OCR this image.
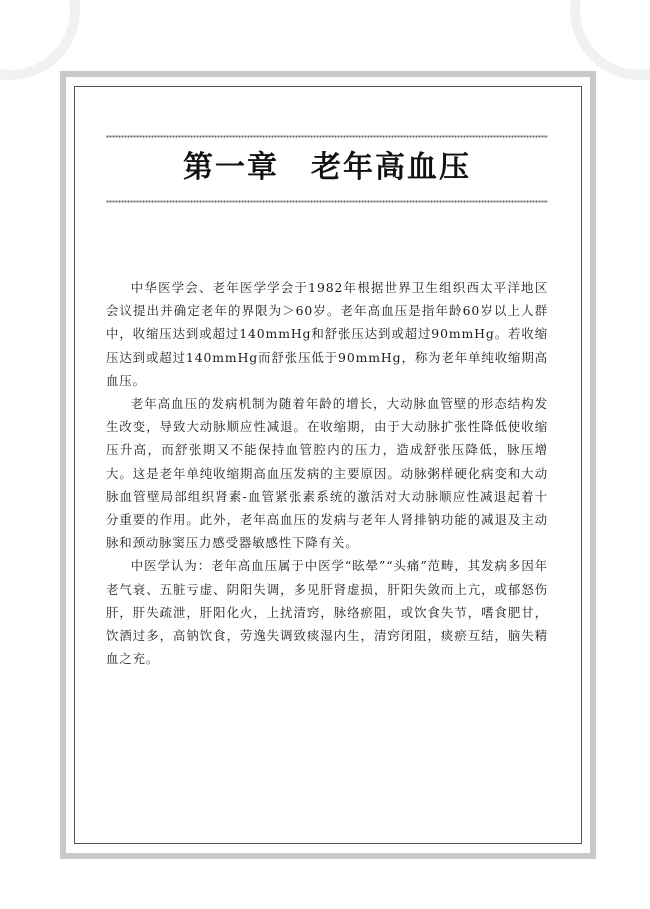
第一章　老年高血压

中华医学会、老年医学学会于1982年根据世界卫生组织西太平洋地区会议提出并确定老年的界限为＞60岁。老年高血压是指年龄60岁以上人群中，收缩压达到或超过140mmHg和舒张压达到或超过90mmHg。若收缩压达到或超过140mmHg而舒张压低于90mmHg，称为老年单纯收缩期高血压。

老年高血压的发病机制为随着年龄的增长，大动脉血管壁的形态结构发生改变，导致大动脉顺应性减退。在收缩期，由于大动脉扩张性降低使收缩压升高，而舒张期又不能保持血管腔内的压力，造成舒张压降低，脉压增大。这是老年单纯收缩期高血压发病的主要原因。动脉粥样硬化病变和大动脉血管壁局部组织肾素-血管紧张素系统的激活对大动脉顺应性减退起着十分重要的作用。此外，老年高血压的发病与老年人肾排钠功能的减退及主动脉和颈动脉窦压力感受器敏感性下降有关。

中医学认为：老年高血压属于中医学“眩晕”“头痛”范畴，其发病多因年老气衰、五脏亏虚、阴阳失调，多见肝肾虚损，肝阳失敛而上亢，或郁怒伤肝，肝失疏泄，肝阳化火，上扰清窍，脉络瘀阻，或饮食失节，嗜食肥甘，饮酒过多，高钠饮食，劳逸失调致痰湿内生，清窍闭阻，痰瘀互结，脑失精血之充。
